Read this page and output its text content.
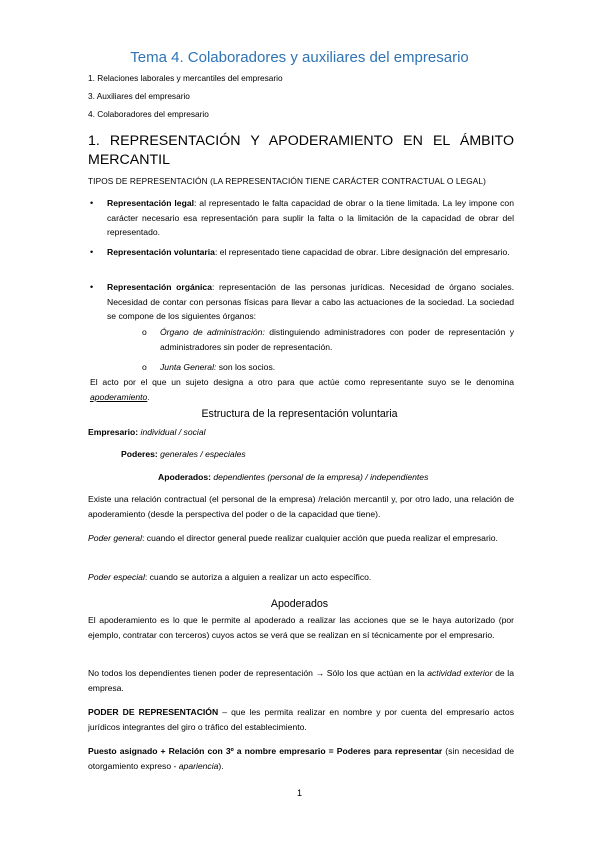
Tema 4. Colaboradores y auxiliares del empresario
1. Relaciones laborales y mercantiles del empresario
3. Auxiliares del empresario
4. Colaboradores del empresario
1. REPRESENTACIÓN Y APODERAMIENTO EN EL ÁMBITO
MERCANTIL
TIPOS DE REPRESENTACIÓN (LA REPRESENTACIÓN TIENE CARÁCTER CONTRACTUAL O LEGAL)
• Representación legal: al representado le falta capacidad de obrar o la tiene limitada. La ley impone con carácter necesario esa representación para suplir la falta o la limitación de la capacidad de obrar del representado.
• Representación voluntaria: el representado tiene capacidad de obrar. Libre designación del empresario.
• Representación orgánica: representación de las personas jurídicas. Necesidad de órgano sociales. Necesidad de contar con personas físicas para llevar a cabo las actuaciones de la sociedad. La sociedad se compone de los siguientes órganos:
o Órgano de administración: distinguiendo administradores con poder de representación y administradores sin poder de representación.
o Junta General: son los socios.
El acto por el que un sujeto designa a otro para que actúe como representante suyo se le denomina apoderamiento.
Estructura de la representación voluntaria
Empresario: individual / social
Poderes: generales / especiales
Apoderados: dependientes (personal de la empresa) / independientes
Existe una relación contractual (el personal de la empresa) /relación mercantil y, por otro lado, una relación de apoderamiento (desde la perspectiva del poder o de la capacidad que tiene).
Poder general: cuando el director general puede realizar cualquier acción que pueda realizar el empresario.
Poder especial: cuando se autoriza a alguien a realizar un acto específico.
Apoderados
El apoderamiento es lo que le permite al apoderado a realizar las acciones que se le haya autorizado (por ejemplo, contratar con terceros) cuyos actos se verá que se realizan en sí técnicamente por el empresario.
No todos los dependientes tienen poder de representación → Sólo los que actúan en la actividad exterior de la empresa.
PODER DE REPRESENTACIÓN – que les permita realizar en nombre y por cuenta del empresario actos jurídicos integrantes del giro o tráfico del establecimiento.
Puesto asignado + Relación con 3º a nombre empresario = Poderes para representar (sin necesidad de otorgamiento expreso - apariencia).
1
